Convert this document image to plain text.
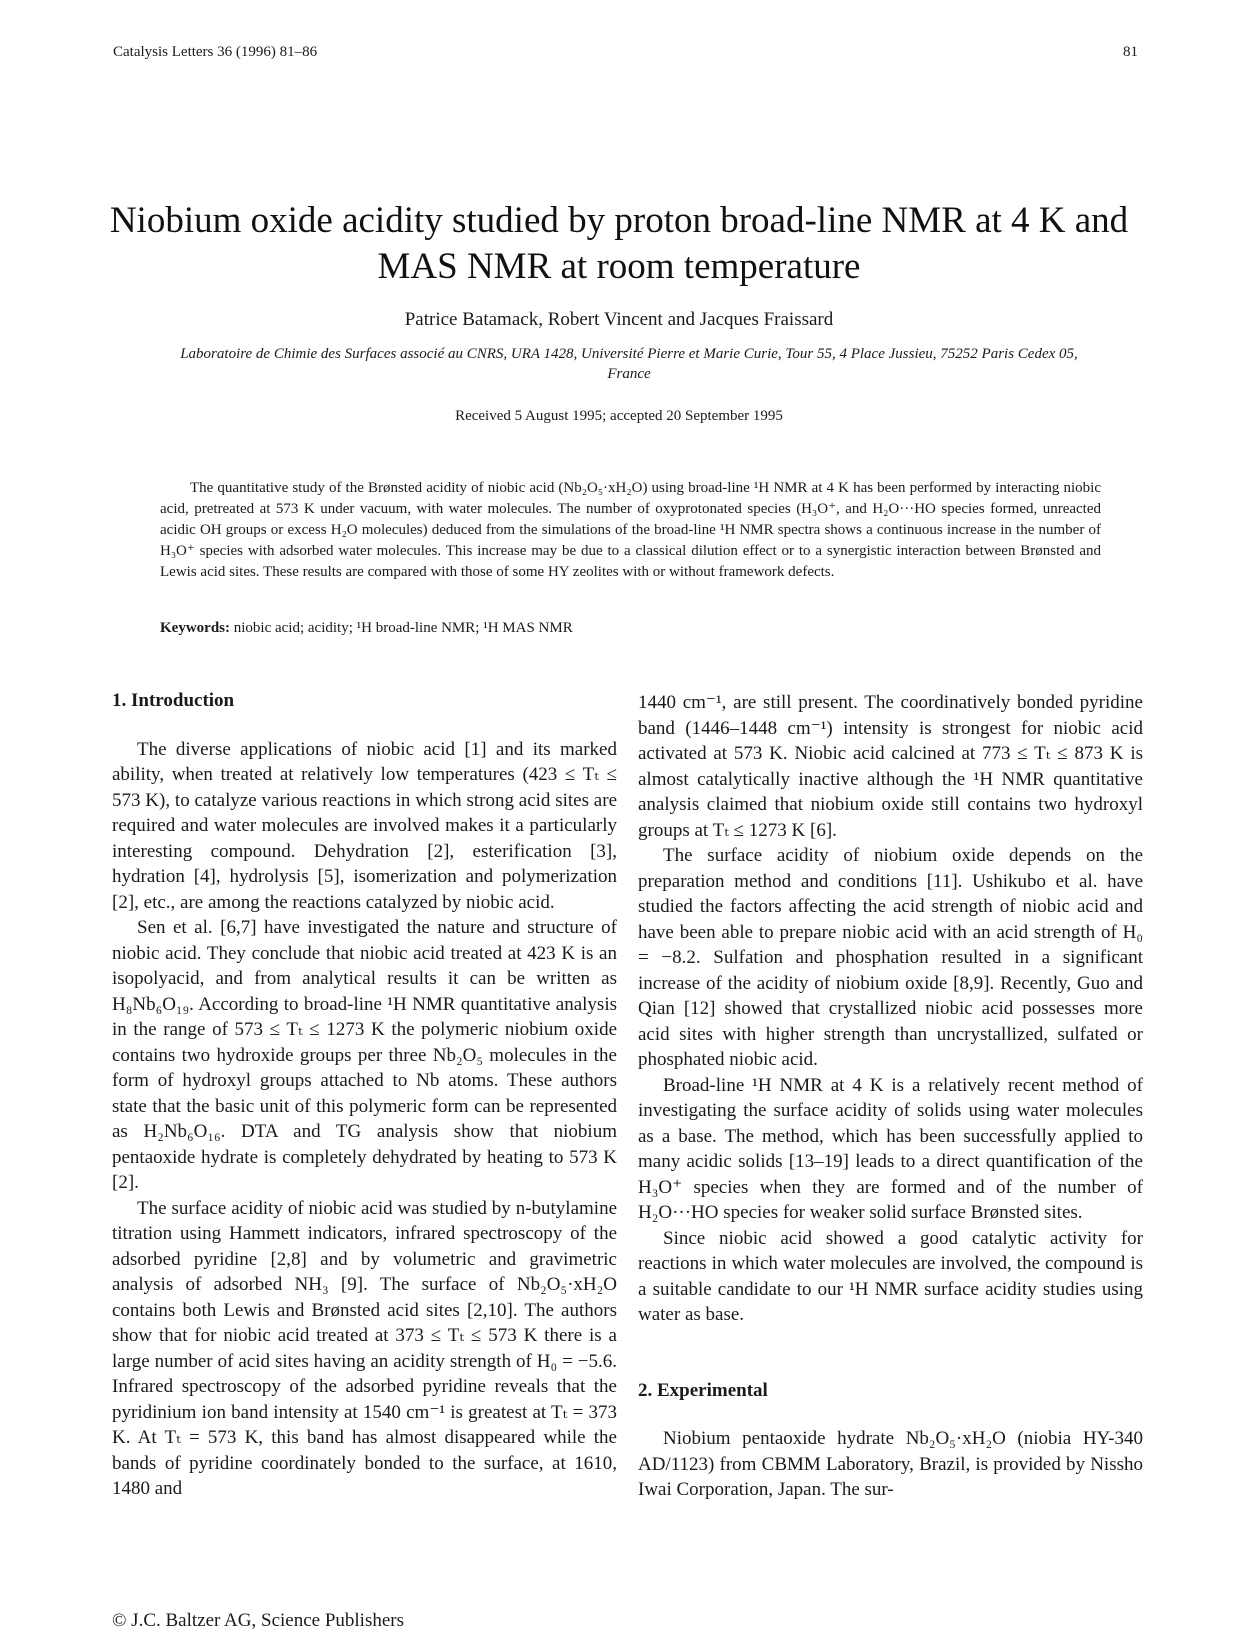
Catalysis Letters 36 (1996) 81–86	81
Niobium oxide acidity studied by proton broad-line NMR at 4 K and MAS NMR at room temperature
Patrice Batamack, Robert Vincent and Jacques Fraissard
Laboratoire de Chimie des Surfaces associé au CNRS, URA 1428, Université Pierre et Marie Curie, Tour 55, 4 Place Jussieu, 75252 Paris Cedex 05, France
Received 5 August 1995; accepted 20 September 1995

The quantitative study of the Brønsted acidity of niobic acid (Nb₂O₅·xH₂O) using broad-line ¹H NMR at 4 K has been performed by interacting niobic acid, pretreated at 573 K under vacuum, with water molecules. The number of oxyprotonated species (H₃O⁺, and H₂O···HO species formed, unreacted acidic OH groups or excess H₂O molecules) deduced from the simulations of the broad-line ¹H NMR spectra shows a continuous increase in the number of H₃O⁺ species with adsorbed water molecules. This increase may be due to a classical dilution effect or to a synergistic interaction between Brønsted and Lewis acid sites. These results are compared with those of some HY zeolites with or without framework defects.

Keywords: niobic acid; acidity; ¹H broad-line NMR; ¹H MAS NMR
1. Introduction

The diverse applications of niobic acid [1] and its marked ability, when treated at relatively low temperatures (423 ≤ Tₜ ≤ 573 K), to catalyze various reactions in which strong acid sites are required and water molecules are involved makes it a particularly interesting compound. Dehydration [2], esterification [3], hydration [4], hydrolysis [5], isomerization and polymerization [2], etc., are among the reactions catalyzed by niobic acid.

Sen et al. [6,7] have investigated the nature and structure of niobic acid. They conclude that niobic acid treated at 423 K is an isopolyacid, and from analytical results it can be written as H₈Nb₆O₁₉. According to broad-line ¹H NMR quantitative analysis in the range of 573 ≤ Tₜ ≤ 1273 K the polymeric niobium oxide contains two hydroxide groups per three Nb₂O₅ molecules in the form of hydroxyl groups attached to Nb atoms. These authors state that the basic unit of this polymeric form can be represented as H₂Nb₆O₁₆. DTA and TG analysis show that niobium pentaoxide hydrate is completely dehydrated by heating to 573 K [2].

The surface acidity of niobic acid was studied by n-butylamine titration using Hammett indicators, infrared spectroscopy of the adsorbed pyridine [2,8] and by volumetric and gravimetric analysis of adsorbed NH₃ [9]. The surface of Nb₂O₅·xH₂O contains both Lewis and Brønsted acid sites [2,10]. The authors show that for niobic acid treated at 373 ≤ Tₜ ≤ 573 K there is a large number of acid sites having an acidity strength of H₀ = −5.6. Infrared spectroscopy of the adsorbed pyridine reveals that the pyridinium ion band intensity at 1540 cm⁻¹ is greatest at Tₜ = 373 K. At Tₜ = 573 K, this band has almost disappeared while the bands of pyridine coordinately bonded to the surface, at 1610, 1480 and

1440 cm⁻¹, are still present. The coordinatively bonded pyridine band (1446–1448 cm⁻¹) intensity is strongest for niobic acid activated at 573 K. Niobic acid calcined at 773 ≤ Tₜ ≤ 873 K is almost catalytically inactive although the ¹H NMR quantitative analysis claimed that niobium oxide still contains two hydroxyl groups at Tₜ ≤ 1273 K [6].

The surface acidity of niobium oxide depends on the preparation method and conditions [11]. Ushikubo et al. have studied the factors affecting the acid strength of niobic acid and have been able to prepare niobic acid with an acid strength of H₀ = −8.2. Sulfation and phosphation resulted in a significant increase of the acidity of niobium oxide [8,9]. Recently, Guo and Qian [12] showed that crystallized niobic acid possesses more acid sites with higher strength than uncrystallized, sulfated or phosphated niobic acid.

Broad-line ¹H NMR at 4 K is a relatively recent method of investigating the surface acidity of solids using water molecules as a base. The method, which has been successfully applied to many acidic solids [13–19] leads to a direct quantification of the H₃O⁺ species when they are formed and of the number of H₂O···HO species for weaker solid surface Brønsted sites.

Since niobic acid showed a good catalytic activity for reactions in which water molecules are involved, the compound is a suitable candidate to our ¹H NMR surface acidity studies using water as base.

2. Experimental

Niobium pentaoxide hydrate Nb₂O₅·xH₂O (niobia HY-340 AD/1123) from CBMM Laboratory, Brazil, is provided by Nissho Iwai Corporation, Japan. The sur-

© J.C. Baltzer AG, Science Publishers
